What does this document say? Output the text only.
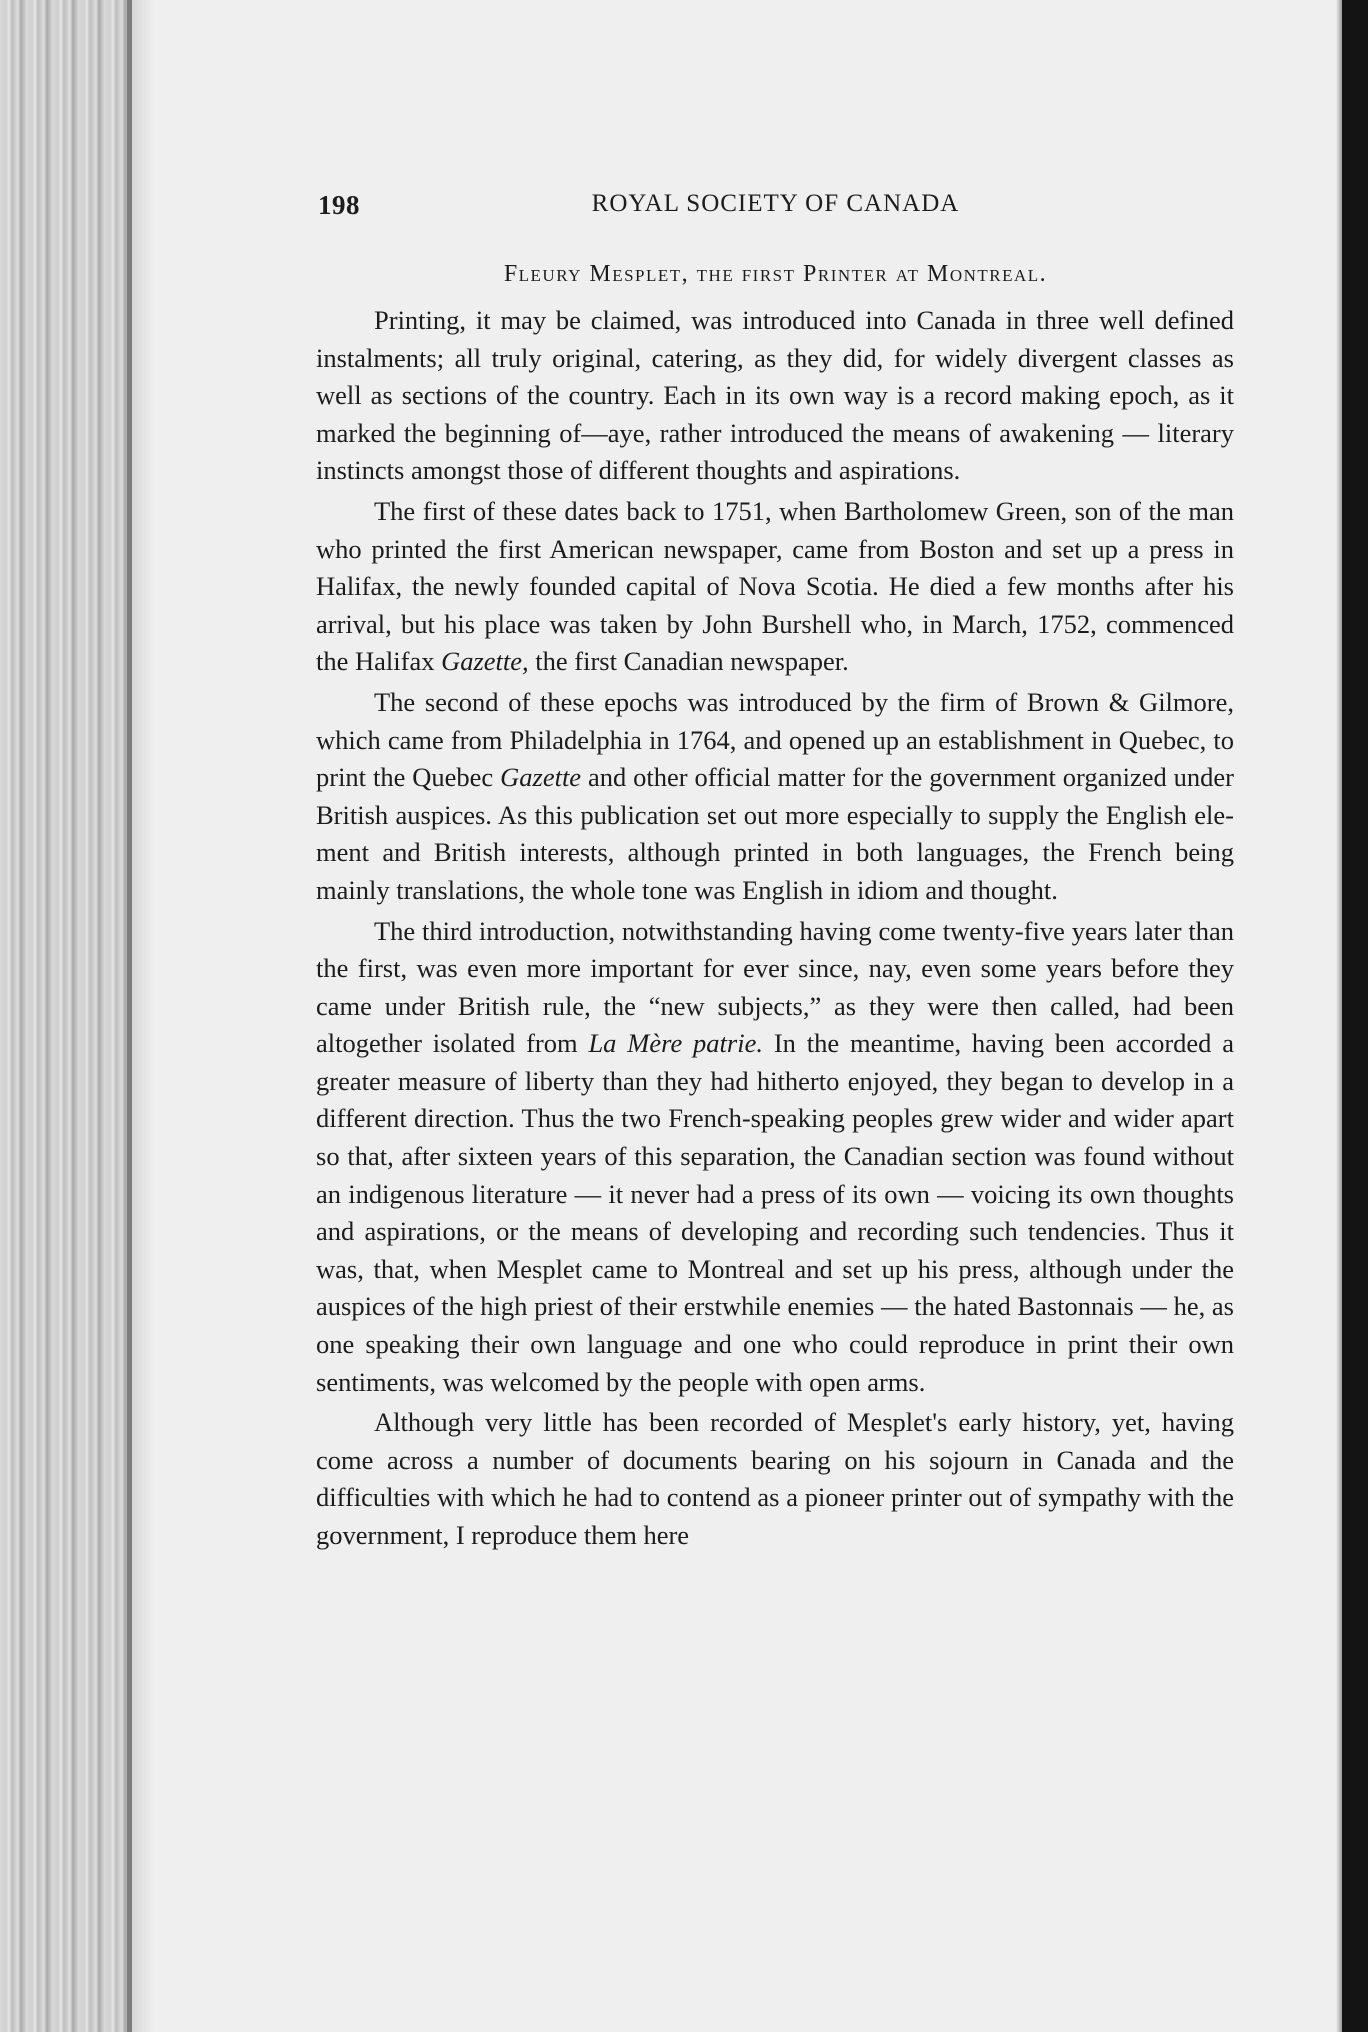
198	ROYAL SOCIETY OF CANADA
Fleury Mesplet, the first Printer at Montreal.

Printing, it may be claimed, was introduced into Canada in three well defined instalments; all truly original, catering, as they did, for widely divergent classes as well as sections of the country. Each in its own way is a record making epoch, as it marked the beginning of—aye, rather introduced the means of awakening — literary instincts amongst those of different thoughts and aspirations.

The first of these dates back to 1751, when Bartholomew Green, son of the man who printed the first American newspaper, came from Boston and set up a press in Halifax, the newly founded capital of Nova Scotia. He died a few months after his arrival, but his place was taken by John Burshell who, in March, 1752, commenced the Halifax Gazette, the first Canadian newspaper.

The second of these epochs was introduced by the firm of Brown & Gilmore, which came from Philadelphia in 1764, and opened up an establishment in Quebec, to print the Quebec Gazette and other official matter for the government organized under British auspices. As this publication set out more especially to supply the English element and British interests, although printed in both languages, the French being mainly translations, the whole tone was English in idiom and thought.

The third introduction, notwithstanding having come twenty-five years later than the first, was even more important for ever since, nay, even some years before they came under British rule, the “new subjects,” as they were then called, had been altogether isolated from La Mère patrie. In the meantime, having been accorded a greater measure of liberty than they had hitherto enjoyed, they began to develop in a different direction. Thus the two French-speaking peoples grew wider and wider apart so that, after sixteen years of this separation, the Canadian section was found without an indigenous literature — it never had a press of its own — voicing its own thoughts and aspirations, or the means of developing and recording such tendencies. Thus it was, that, when Mesplet came to Montreal and set up his press, although under the auspices of the high priest of their erstwhile enemies — the hated Bastonnais — he, as one speaking their own language and one who could reproduce in print their own sentiments, was welcomed by the people with open arms.

Although very little has been recorded of Mesplet's early history, yet, having come across a number of documents bearing on his sojourn in Canada and the difficulties with which he had to contend as a pioneer printer out of sympathy with the government, I reproduce them here
